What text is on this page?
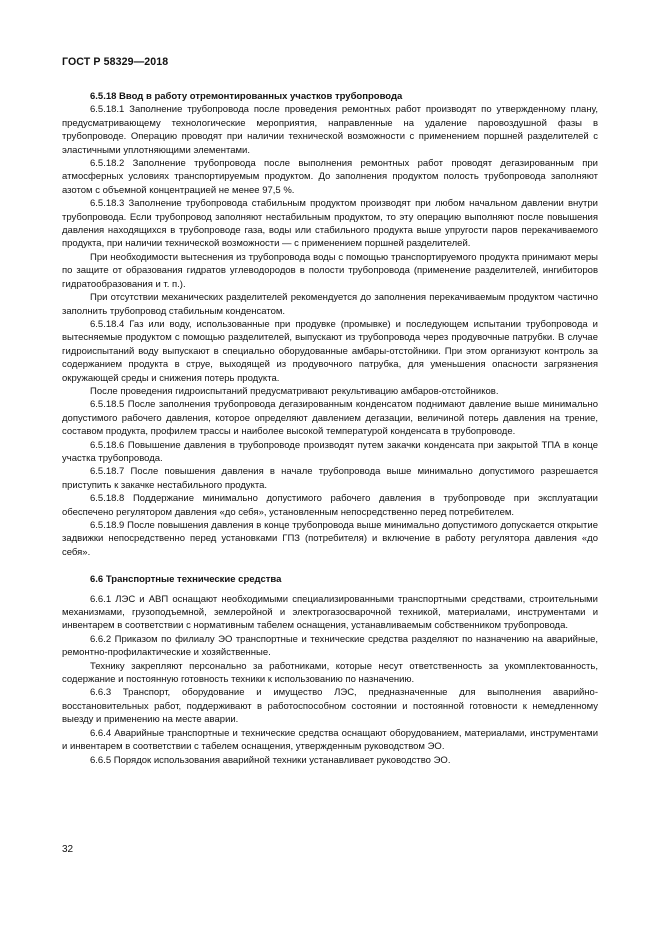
ГОСТ Р 58329—2018
6.5.18 Ввод в работу отремонтированных участков трубопровода

6.5.18.1 Заполнение трубопровода после проведения ремонтных работ производят по утвержденному плану, предусматривающему технологические мероприятия, направленные на удаление паровоздушной фазы в трубопроводе. Операцию проводят при наличии технической возможности с применением поршней разделителей с эластичными уплотняющими элементами.

6.5.18.2 Заполнение трубопровода после выполнения ремонтных работ проводят дегазированным при атмосферных условиях транспортируемым продуктом. До заполнения продуктом полость трубопровода заполняют азотом с объемной концентрацией не менее 97,5 %.

6.5.18.3 Заполнение трубопровода стабильным продуктом производят при любом начальном давлении внутри трубопровода. Если трубопровод заполняют нестабильным продуктом, то эту операцию выполняют после повышения давления находящихся в трубопроводе газа, воды или стабильного продукта выше упругости паров перекачиваемого продукта, при наличии технической возможности — с применением поршней разделителей.

При необходимости вытеснения из трубопровода воды с помощью транспортируемого продукта принимают меры по защите от образования гидратов углеводородов в полости трубопровода (применение разделителей, ингибиторов гидратообразования и т. п.).

При отсутствии механических разделителей рекомендуется до заполнения перекачиваемым продуктом частично заполнить трубопровод стабильным конденсатом.

6.5.18.4 Газ или воду, использованные при продувке (промывке) и последующем испытании трубопровода и вытесняемые продуктом с помощью разделителей, выпускают из трубопровода через продувочные патрубки. В случае гидроиспытаний воду выпускают в специально оборудованные амбары-отстойники. При этом организуют контроль за содержанием продукта в струе, выходящей из продувочного патрубка, для уменьшения опасности загрязнения окружающей среды и снижения потерь продукта.

После проведения гидроиспытаний предусматривают рекультивацию амбаров-отстойников.

6.5.18.5 После заполнения трубопровода дегазированным конденсатом поднимают давление выше минимально допустимого рабочего давления, которое определяют давлением дегазации, величиной потерь давления на трение, составом продукта, профилем трассы и наиболее высокой температурой конденсата в трубопроводе.

6.5.18.6 Повышение давления в трубопроводе производят путем закачки конденсата при закрытой ТПА в конце участка трубопровода.

6.5.18.7 После повышения давления в начале трубопровода выше минимально допустимого разрешается приступить к закачке нестабильного продукта.

6.5.18.8 Поддержание минимально допустимого рабочего давления в трубопроводе при эксплуатации обеспечено регулятором давления «до себя», установленным непосредственно перед потребителем.

6.5.18.9 После повышения давления в конце трубопровода выше минимально допустимого допускается открытие задвижки непосредственно перед установками ГПЗ (потребителя) и включение в работу регулятора давления «до себя».

6.6 Транспортные технические средства

6.6.1 ЛЭС и АВП оснащают необходимыми специализированными транспортными средствами, строительными механизмами, грузоподъемной, землеройной и электрогазосварочной техникой, материалами, инструментами и инвентарем в соответствии с нормативным табелем оснащения, устанавливаемым собственником трубопровода.

6.6.2 Приказом по филиалу ЭО транспортные и технические средства разделяют по назначению на аварийные, ремонтно-профилактические и хозяйственные.

Технику закрепляют персонально за работниками, которые несут ответственность за укомплектованность, содержание и постоянную готовность техники к использованию по назначению.

6.6.3 Транспорт, оборудование и имущество ЛЭС, предназначенные для выполнения аварийно-восстановительных работ, поддерживают в работоспособном состоянии и постоянной готовности к немедленному выезду и применению на месте аварии.

6.6.4 Аварийные транспортные и технические средства оснащают оборудованием, материалами, инструментами и инвентарем в соответствии с табелем оснащения, утвержденным руководством ЭО.

6.6.5 Порядок использования аварийной техники устанавливает руководство ЭО.

32
